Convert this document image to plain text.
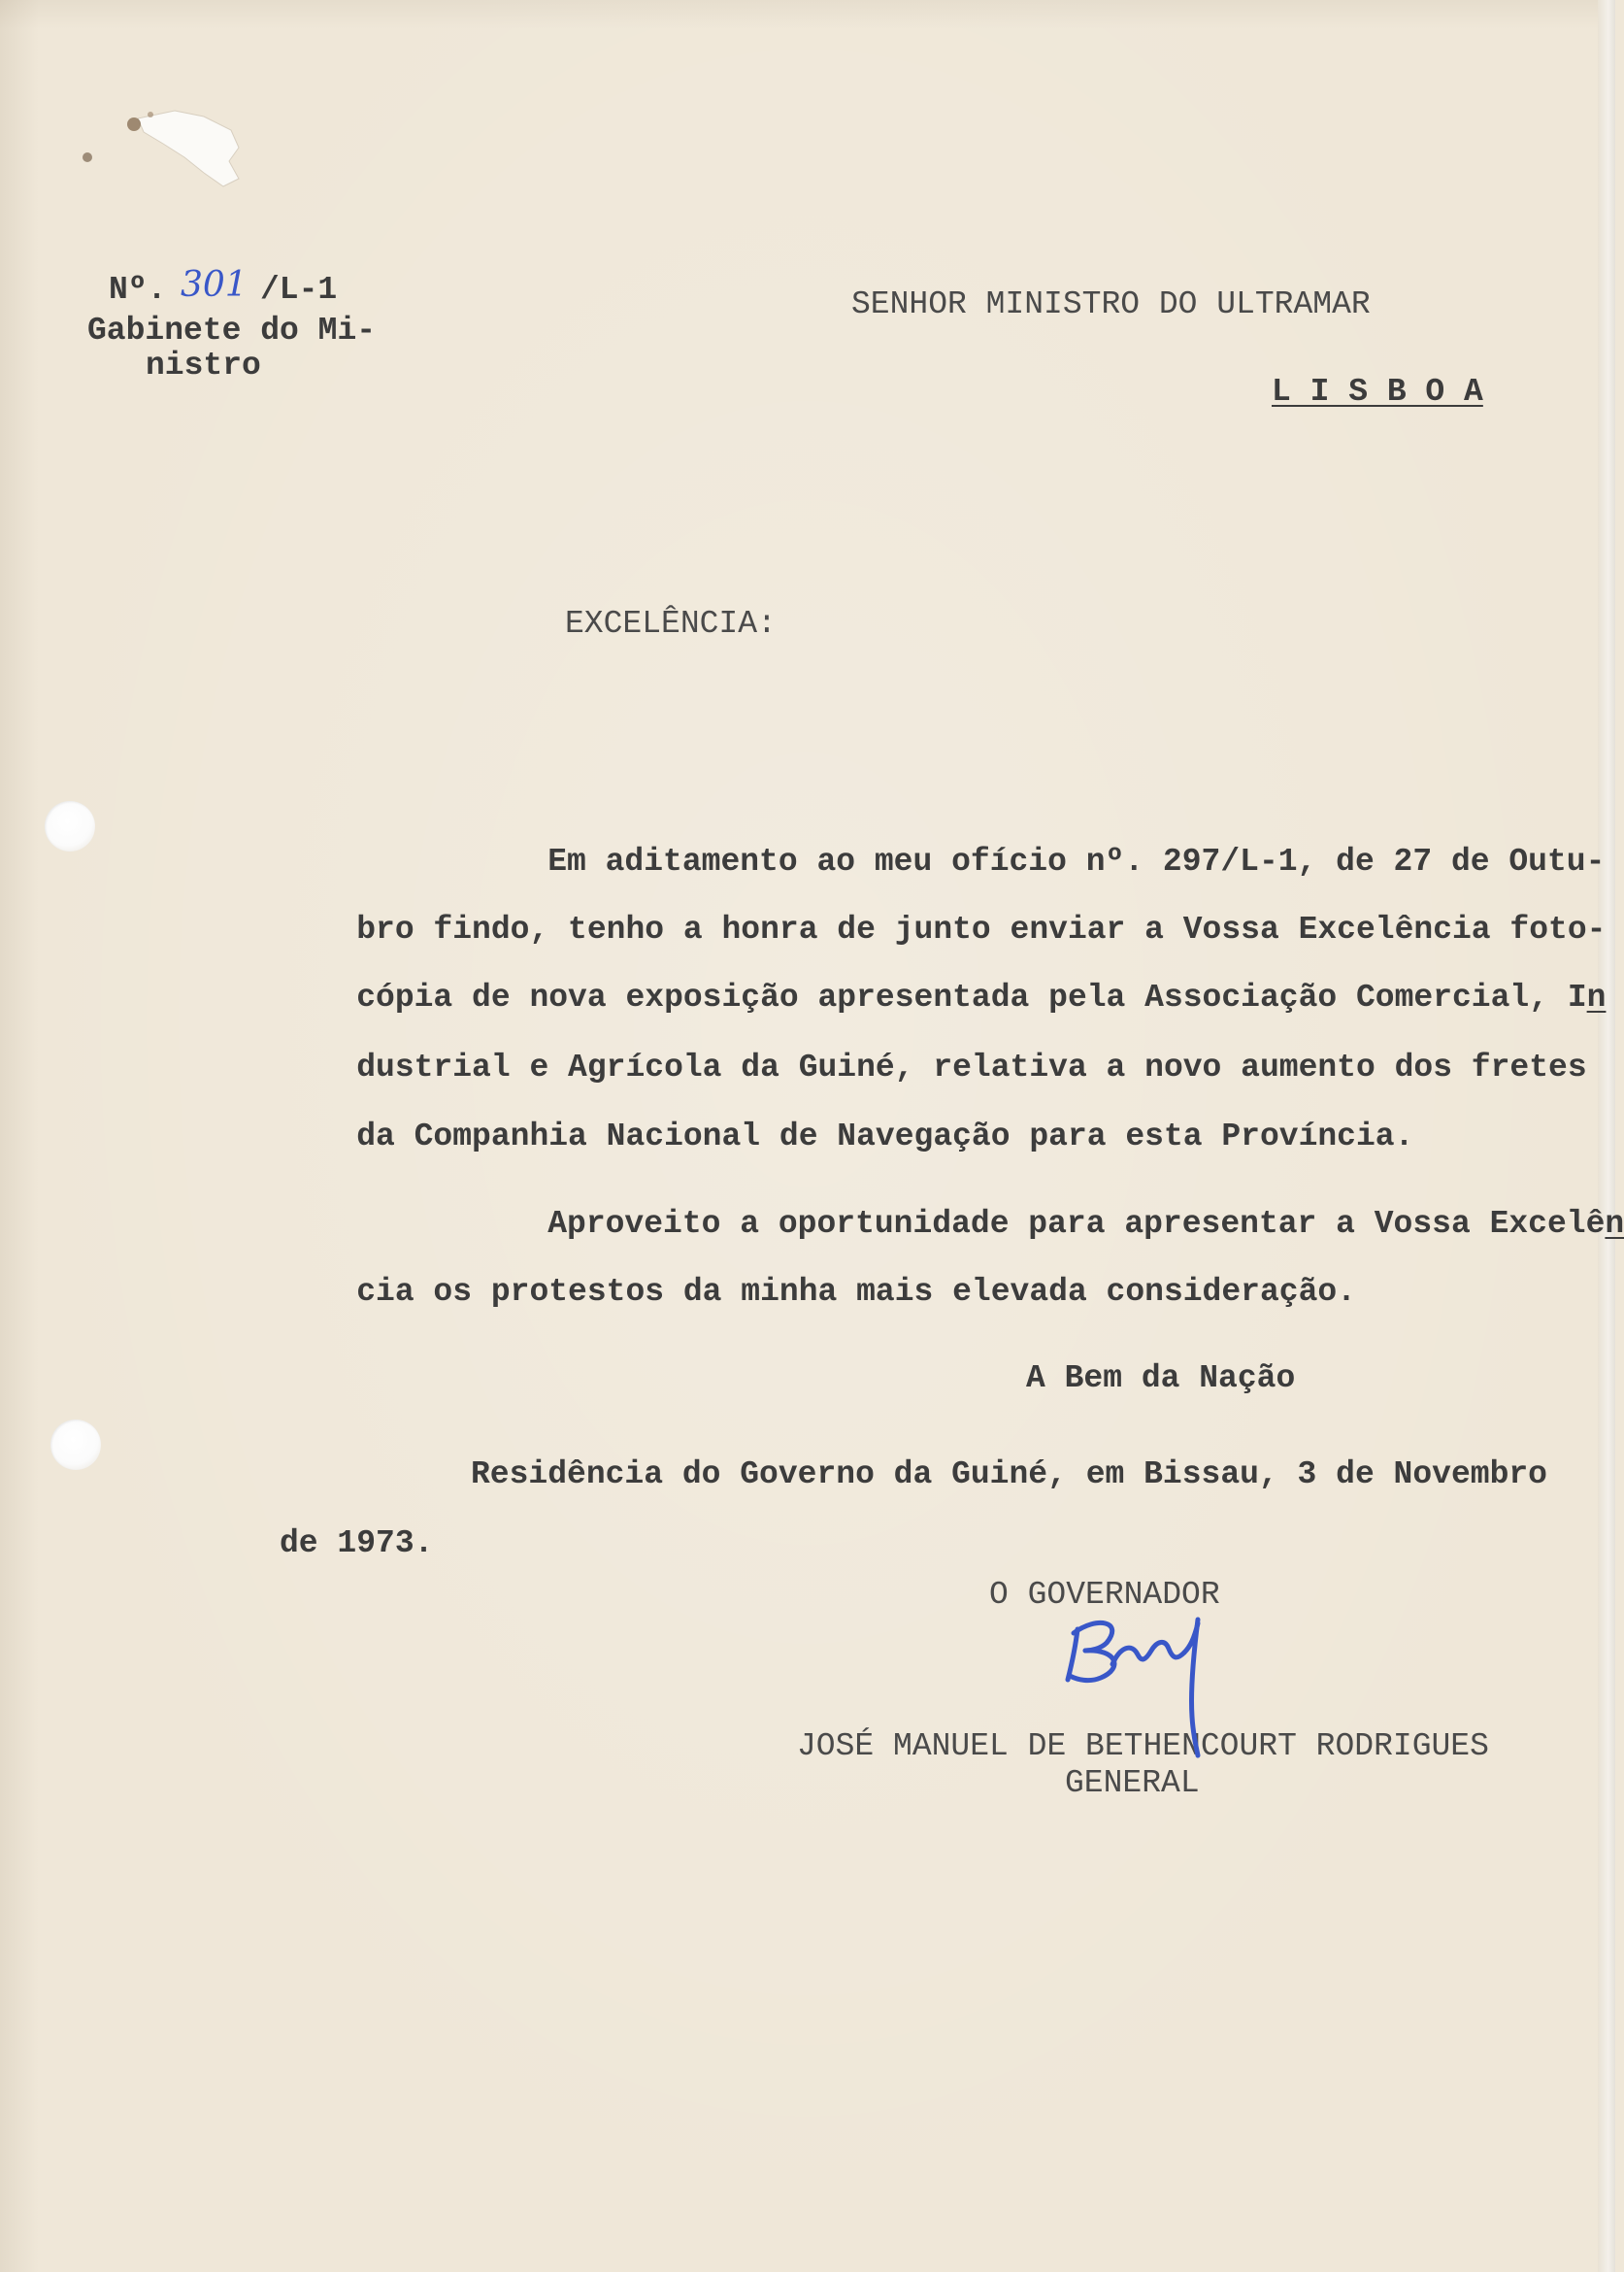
Nº. 301 /L-1
Gabinete do Mi-
nistro
SENHOR MINISTRO DO ULTRAMAR
L I S B O A
EXCELÊNCIA:

Em aditamento ao meu ofício nº. 297/L-1, de 27 de Outu-

bro findo, tenho a honra de junto enviar a Vossa Excelência foto-

cópia de nova exposição apresentada pela Associação Comercial, In

dustrial e Agrícola da Guiné, relativa a novo aumento dos fretes

da Companhia Nacional de Navegação para esta Província.

Aproveito a oportunidade para apresentar a Vossa Excelên

cia os protestos da minha mais elevada consideração.

A Bem da Nação
Residência do Governo da Guiné, em Bissau, 3 de Novembro
de 1973.
O GOVERNADOR
JOSÉ MANUEL DE BETHENCOURT RODRIGUES
GENERAL
